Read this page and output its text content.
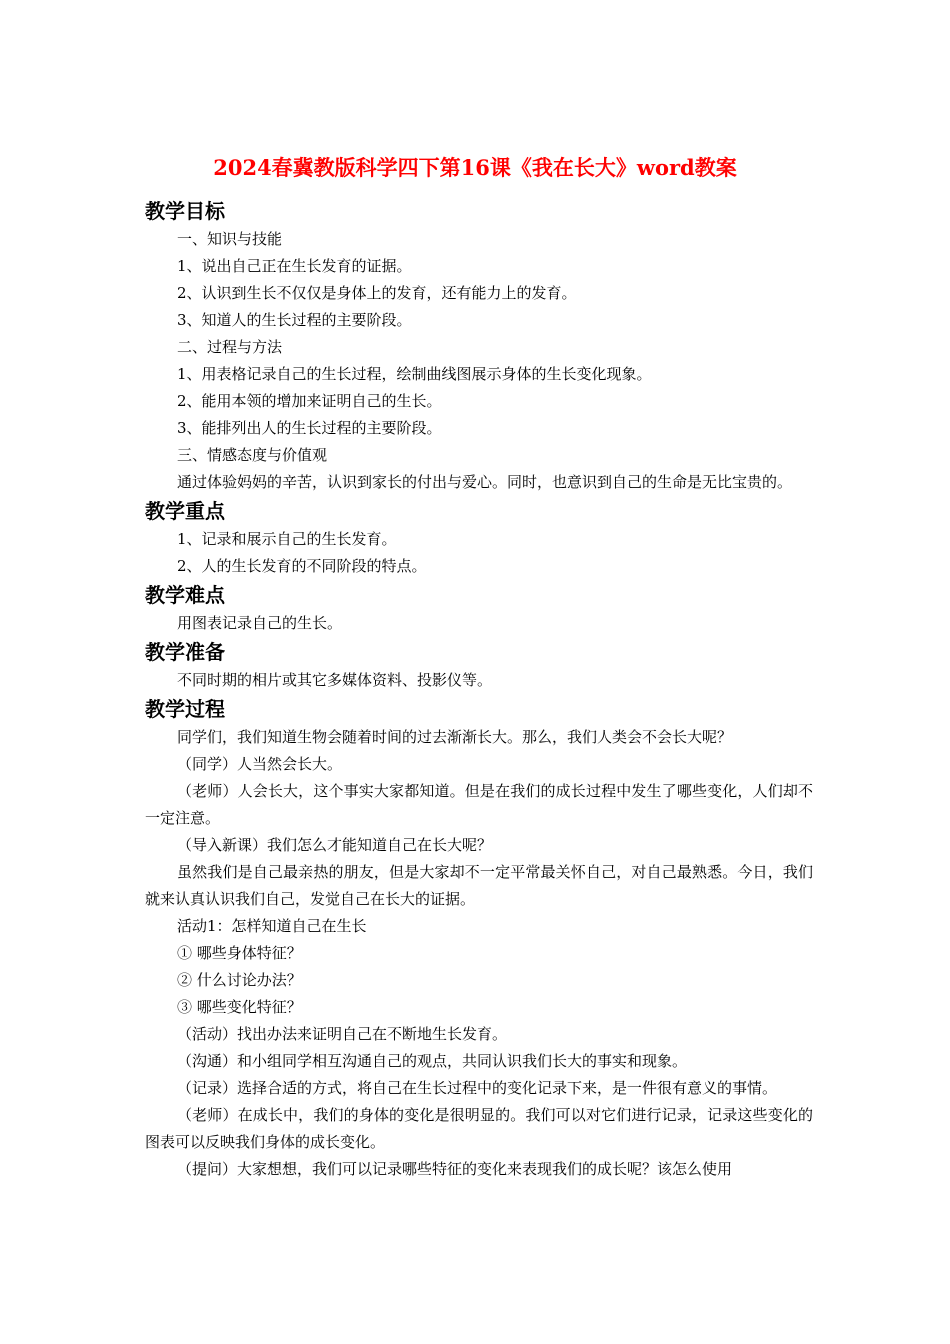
2024春冀教版科学四下第16课《我在长大》word教案
教学目标

一、知识与技能

1、说出自己正在生长发育的证据。

2、认识到生长不仅仅是身体上的发育，还有能力上的发育。

3、知道人的生长过程的主要阶段。

二、过程与方法

1、用表格记录自己的生长过程，绘制曲线图展示身体的生长变化现象。

2、能用本领的增加来证明自己的生长。

3、能排列出人的生长过程的主要阶段。

三、情感态度与价值观

通过体验妈妈的辛苦，认识到家长的付出与爱心。同时，也意识到自己的生命是无比宝贵的。

教学重点

1、记录和展示自己的生长发育。

2、人的生长发育的不同阶段的特点。

教学难点

用图表记录自己的生长。

教学准备

不同时期的相片或其它多媒体资料、投影仪等。

教学过程

同学们，我们知道生物会随着时间的过去渐渐长大。那么，我们人类会不会长大呢？

（同学）人当然会长大。

（老师）人会长大，这个事实大家都知道。但是在我们的成长过程中发生了哪些变化，人们却不一定注意。

（导入新课）我们怎么才能知道自己在长大呢？

虽然我们是自己最亲热的朋友，但是大家却不一定平常最关怀自己，对自己最熟悉。今日，我们就来认真认识我们自己，发觉自己在长大的证据。

活动1：怎样知道自己在生长

① 哪些身体特征？

② 什么讨论办法？

③ 哪些变化特征？

（活动）找出办法来证明自己在不断地生长发育。

（沟通）和小组同学相互沟通自己的观点，共同认识我们长大的事实和现象。

（记录）选择合适的方式，将自己在生长过程中的变化记录下来，是一件很有意义的事情。

（老师）在成长中，我们的身体的变化是很明显的。我们可以对它们进行记录，记录这些变化的图表可以反映我们身体的成长变化。

（提问）大家想想，我们可以记录哪些特征的变化来表现我们的成长呢？该怎么使用
